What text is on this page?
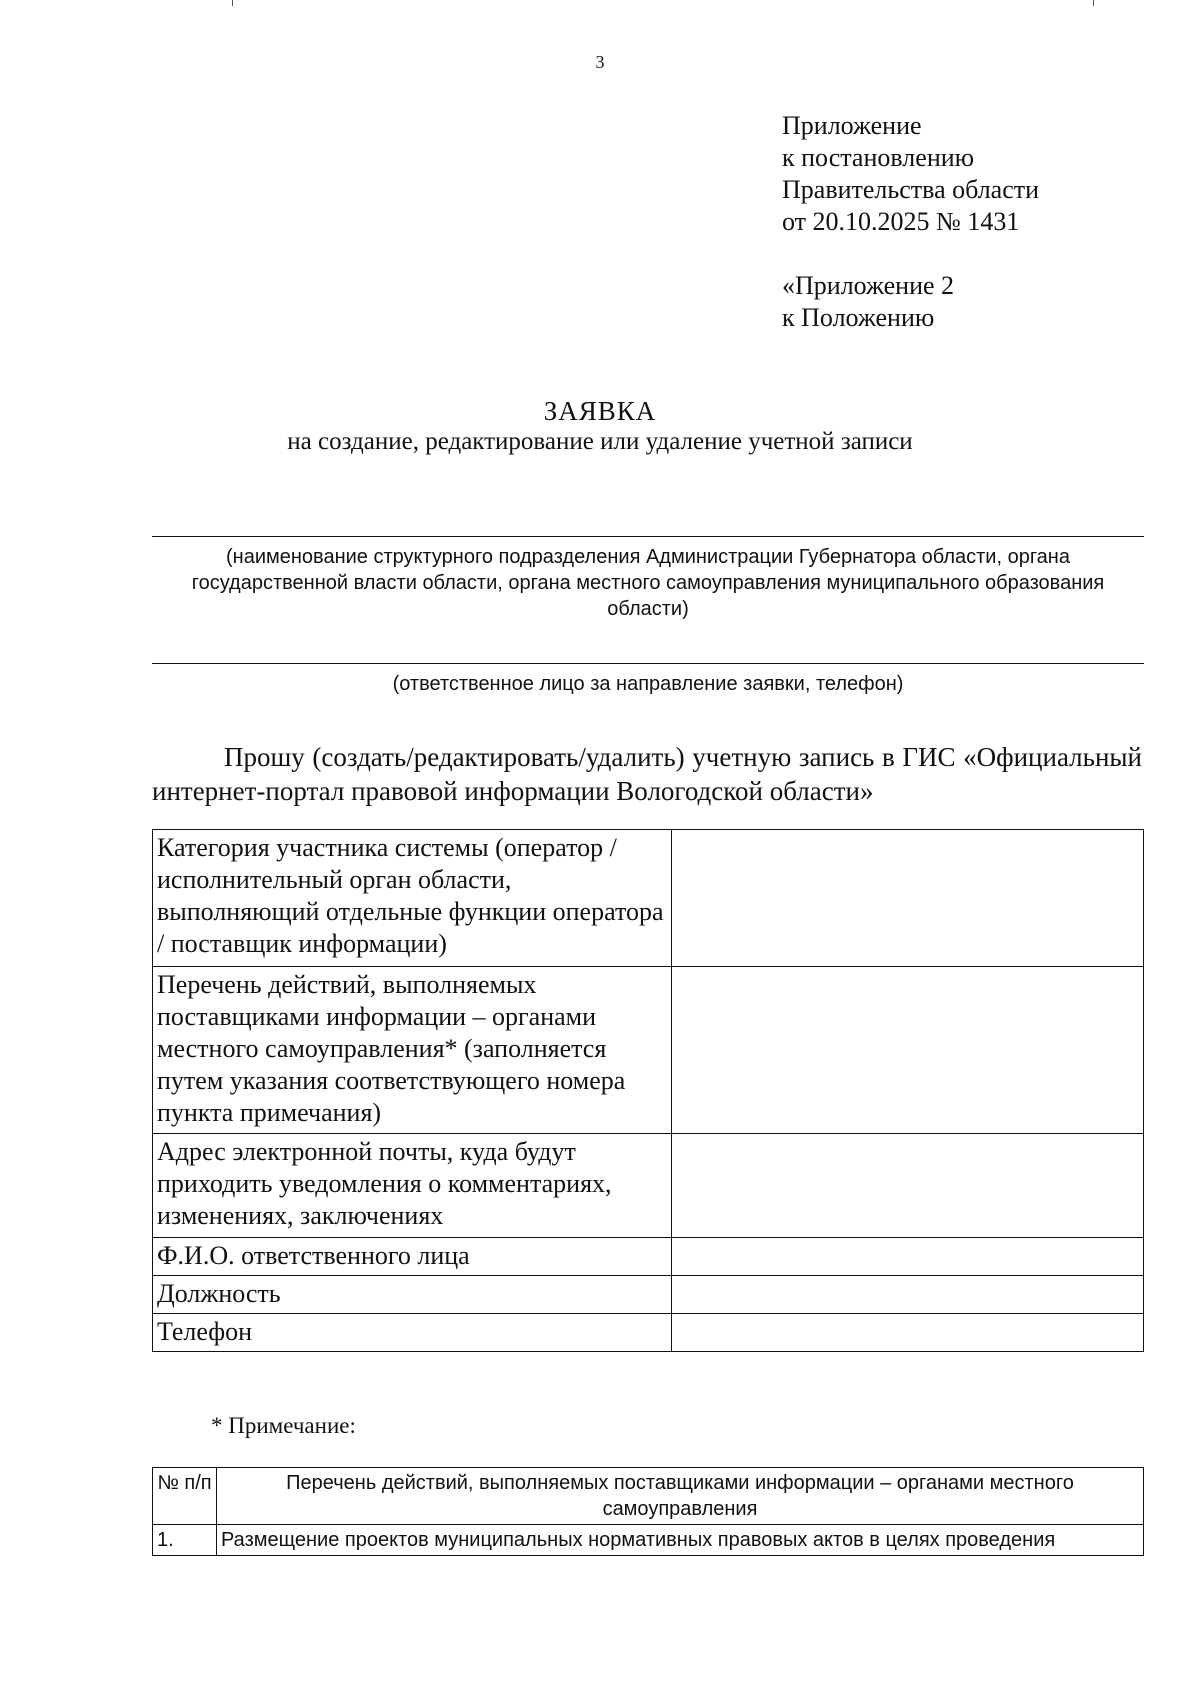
3
Приложение
к постановлению
Правительства области
от 20.10.2025 № 1431
«Приложение 2
к Положению
ЗАЯВКА
на создание, редактирование или удаление учетной записи
(наименование структурного подразделения Администрации Губернатора области, органа государственной власти области, органа местного самоуправления муниципального образования области)
(ответственное лицо за направление заявки, телефон)
Прошу (создать/редактировать/удалить) учетную запись в ГИС «Официальный интернет-портал правовой информации Вологодской области»
Категория участника системы (оператор / исполнительный орган области, выполняющий отдельные функции оператора / поставщик информации)	
Перечень действий, выполняемых поставщиками информации – органами местного самоуправления* (заполняется путем указания соответствующего номера пункта примечания)	
Адрес электронной почты, куда будут приходить уведомления о комментариях, изменениях, заключениях	
Ф.И.О. ответственного лица	
Должность	
Телефон	
* Примечание:
№ п/п	Перечень действий, выполняемых поставщиками информации – органами местного самоуправления
1.	Размещение проектов муниципальных нормативных правовых актов в целях проведения
